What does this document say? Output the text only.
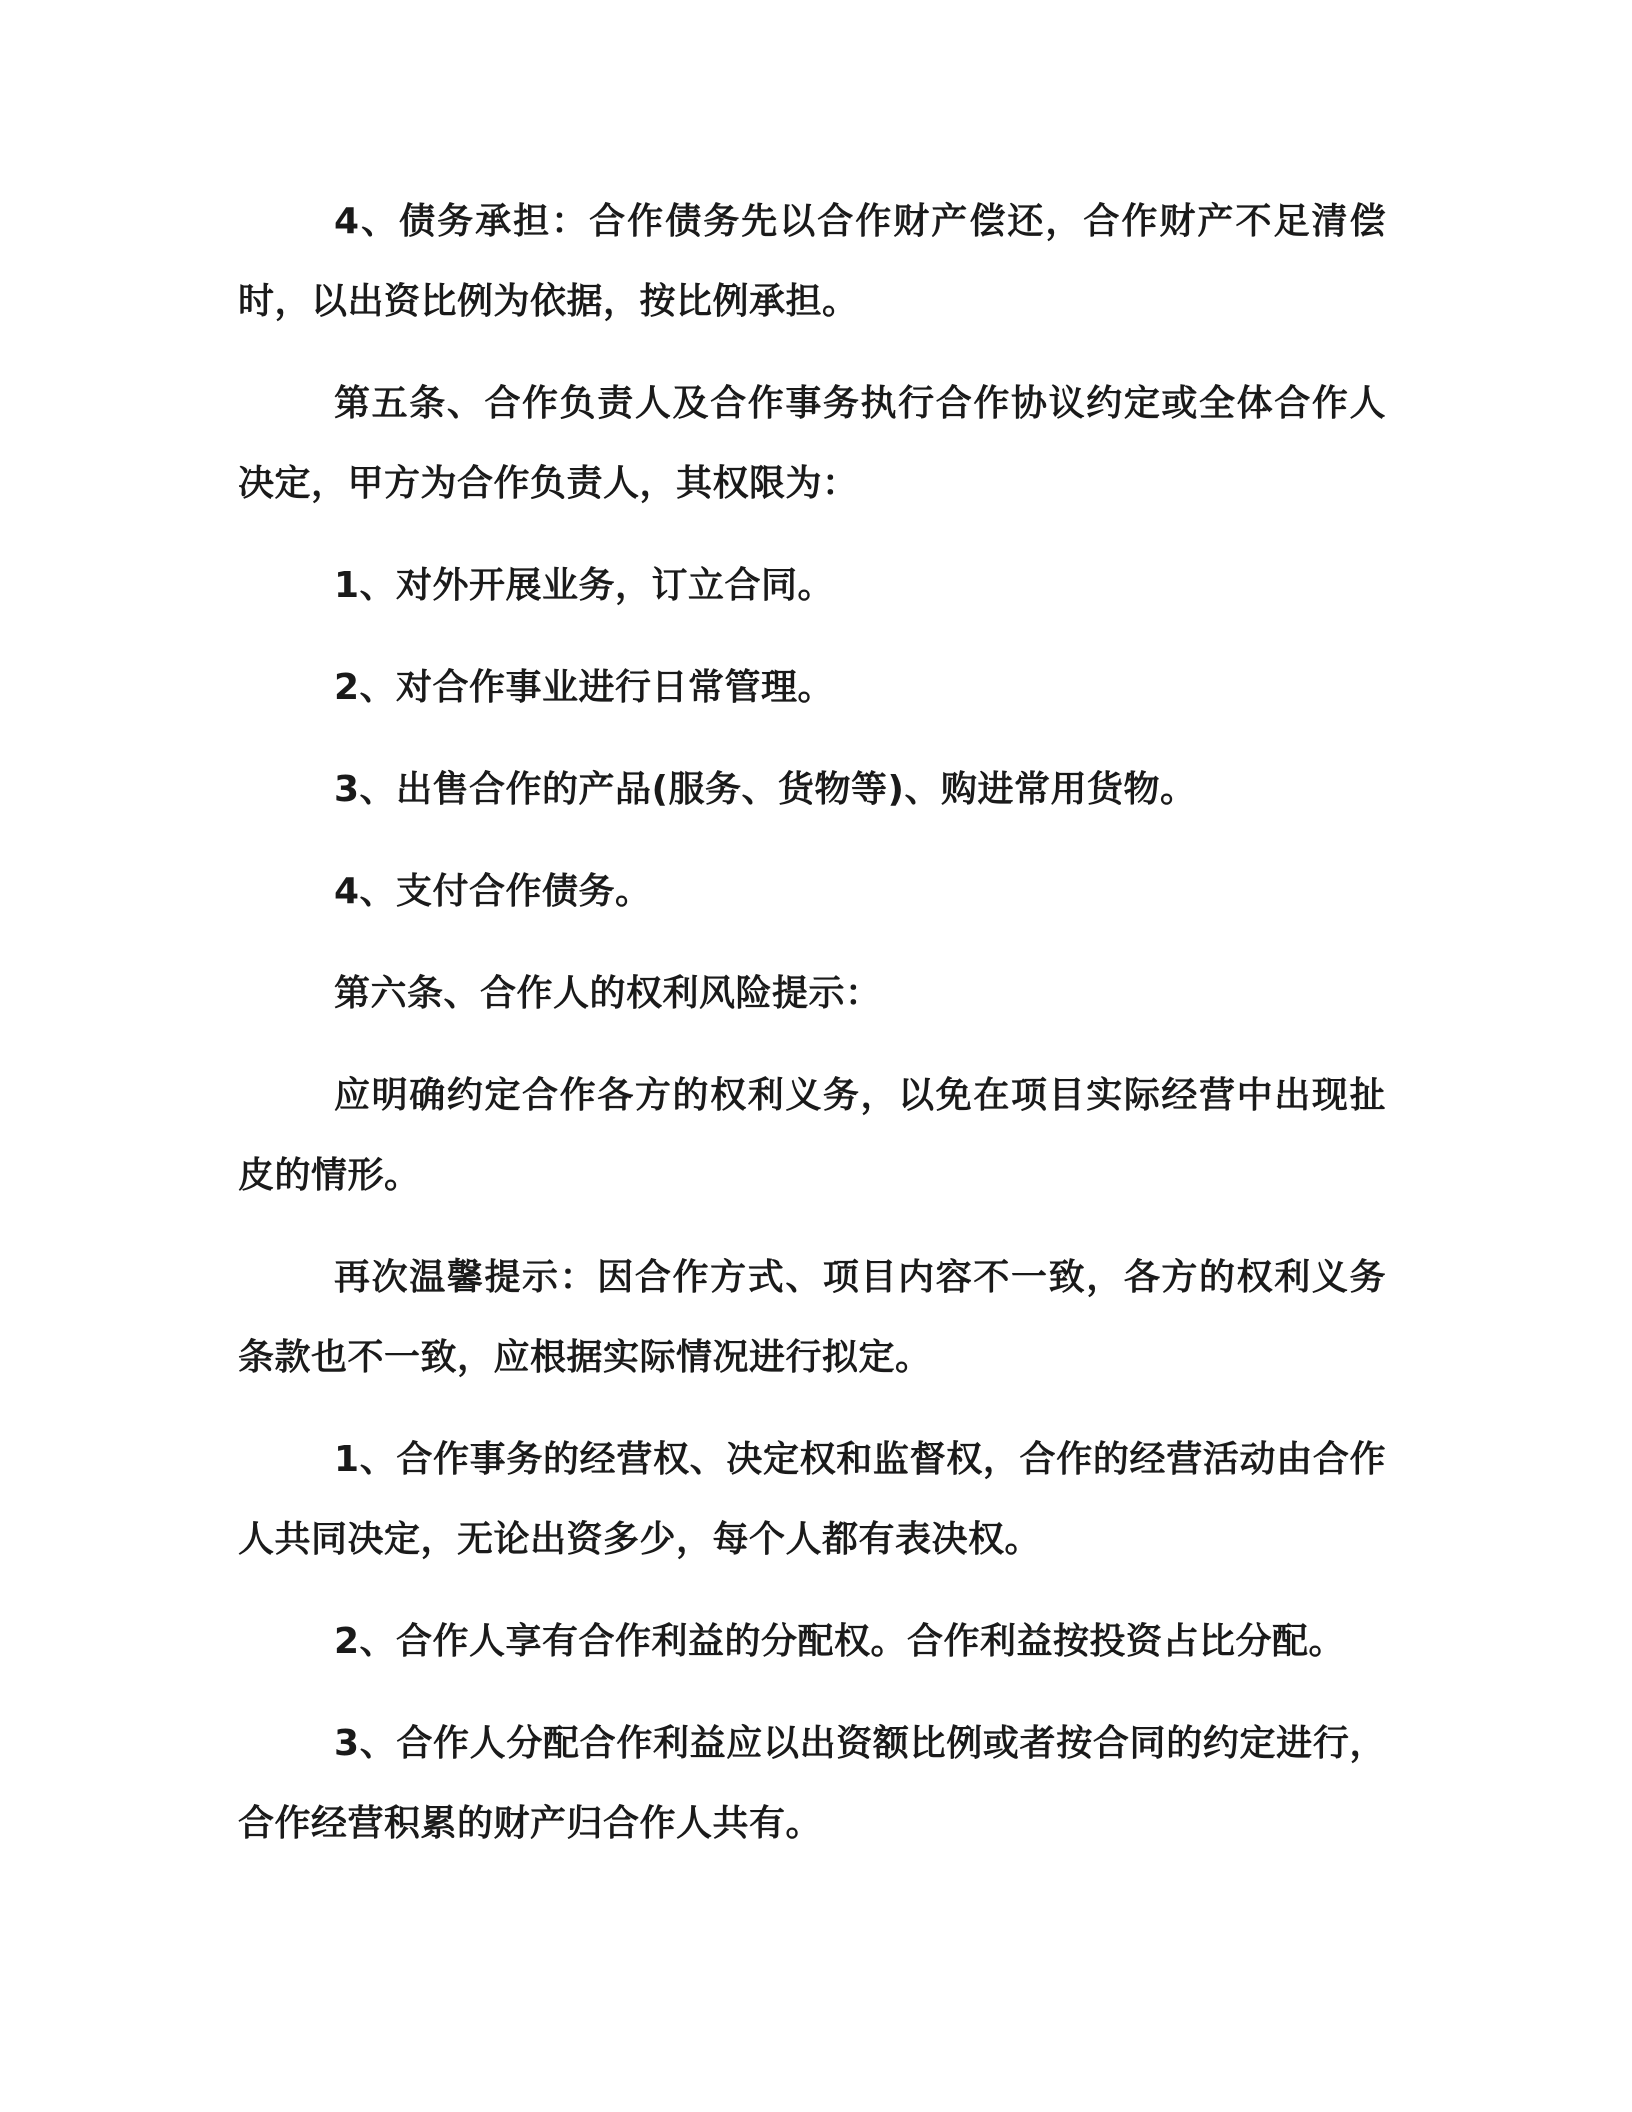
4、债务承担：合作债务先以合作财产偿还，合作财产不足清偿时，以出资比例为依据，按比例承担。

第五条、合作负责人及合作事务执行合作协议约定或全体合作人决定，甲方为合作负责人，其权限为：

1、对外开展业务，订立合同。

2、对合作事业进行日常管理。

3、出售合作的产品(服务、货物等)、购进常用货物。

4、支付合作债务。

第六条、合作人的权利风险提示：

应明确约定合作各方的权利义务，以免在项目实际经营中出现扯皮的情形。

再次温馨提示：因合作方式、项目内容不一致，各方的权利义务条款也不一致，应根据实际情况进行拟定。

1、合作事务的经营权、决定权和监督权，合作的经营活动由合作人共同决定，无论出资多少，每个人都有表决权。

2、合作人享有合作利益的分配权。合作利益按投资占比分配。

3、合作人分配合作利益应以出资额比例或者按合同的约定进行，合作经营积累的财产归合作人共有。
